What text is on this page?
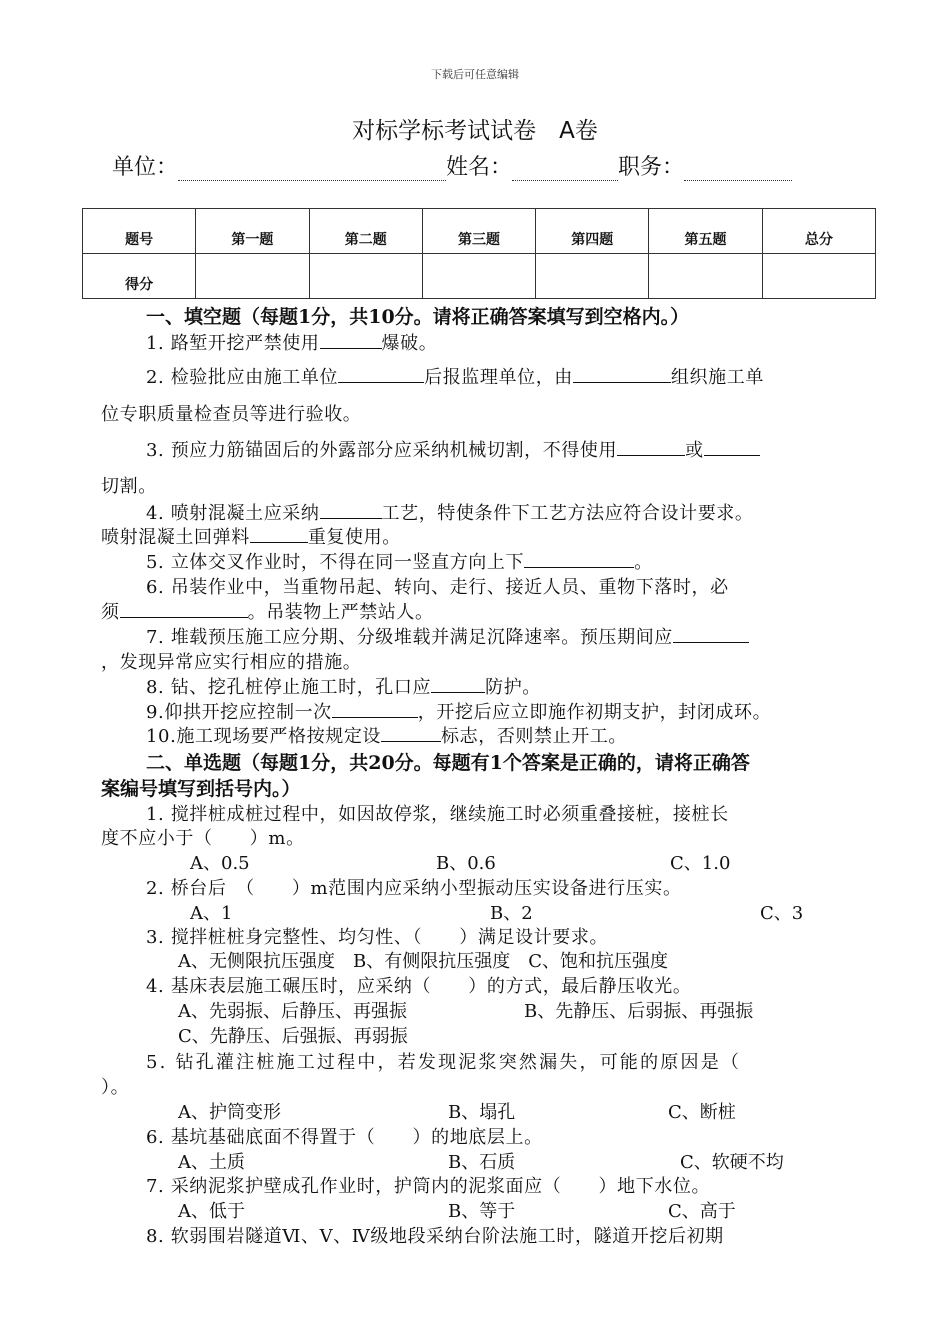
下载后可任意编辑
对标学标考试试卷　A卷
单位：	姓名：	职务：
题号	第一题	第二题	第三题	第四题	第五题	总分
得分						
一、填空题（每题1分，共10分。请将正确答案填写到空格内。）
1. 路堑开挖严禁使用	爆破。
2. 检验批应由施工单位	后报监理单位，由	组织施工单
位专职质量检查员等进行验收。
3. 预应力筋锚固后的外露部分应采纳机械切割，不得使用	或
切割。
4. 喷射混凝土应采纳	工艺，特使条件下工艺方法应符合设计要求。
喷射混凝土回弹料	重复使用。
5. 立体交叉作业时，不得在同一竖直方向上下	。
6. 吊装作业中，当重物吊起、转向、走行、接近人员、重物下落时，必
须	。吊装物上严禁站人。
7. 堆载预压施工应分期、分级堆载并满足沉降速率。预压期间应
，发现异常应实行相应的措施。
8. 钻、挖孔桩停止施工时，孔口应	防护。
9.仰拱开挖应控制一次	，开挖后应立即施作初期支护，封闭成环。
10.施工现场要严格按规定设	标志，否则禁止开工。
二、单选题（每题1分，共20分。每题有1个答案是正确的，请将正确答
案编号填写到括号内。）
1. 搅拌桩成桩过程中，如因故停浆，继续施工时必须重叠接桩，接桩长
度不应小于（　　）m。
A、0.5	B、0.6	C、1.0
2. 桥台后　（　　）m范围内应采纳小型振动压实设备进行压实。
A、1	B、2	C、3
3. 搅拌桩桩身完整性、均匀性、（　　）满足设计要求。
A、无侧限抗压强度　B、有侧限抗压强度　C、饱和抗压强度
4. 基床表层施工碾压时，应采纳（　　）的方式，最后静压收光。
A、先弱振、后静压、再强振	B、先静压、后弱振、再强振
C、先静压、后强振、再弱振
5. 钻孔灌注桩施工过程中，若发现泥浆突然漏失，可能的原因是（
）。
A、护筒变形	B、塌孔	C、断桩
6. 基坑基础底面不得置于（　　）的地底层上。
A、土质	B、石质	C、软硬不均
7. 采纳泥浆护壁成孔作业时，护筒内的泥浆面应（　　）地下水位。
A、低于	B、等于	C、高于
8. 软弱围岩隧道Ⅵ、Ⅴ、Ⅳ级地段采纳台阶法施工时，隧道开挖后初期
